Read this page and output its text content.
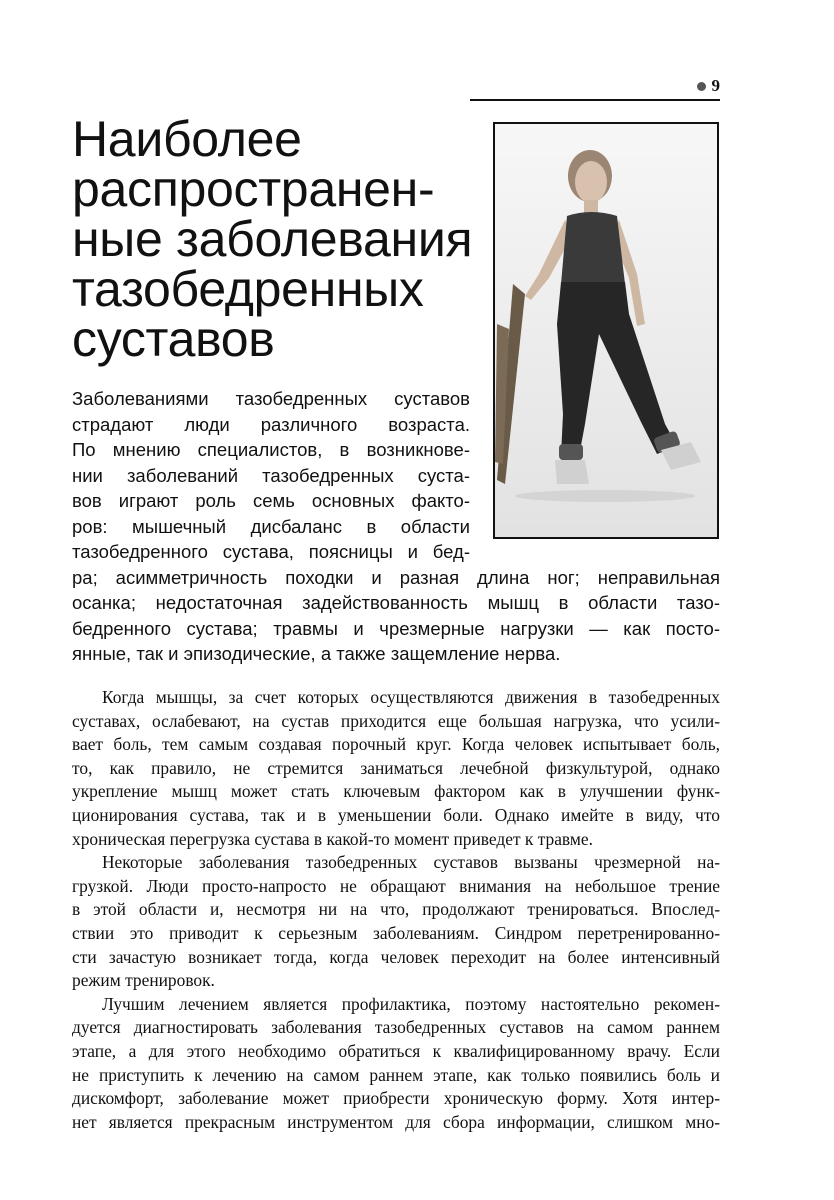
9
Наиболее
распространен-
ные заболевания
тазобедренных
суставов
Заболеваниями тазобедренных суставов
страдают люди различного возраста.
По мнению специалистов, в возникнове-
нии заболеваний тазобедренных суста-
вов играют роль семь основных факто-
ров: мышечный дисбаланс в области
тазобедренного сустава, поясницы и бед-
ра; асимметричность походки и разная длина ног; неправильная
осанка; недостаточная задействованность мышц в области тазо-
бедренного сустава; травмы и чрезмерные нагрузки — как посто-
янные, так и эпизодические, а также защемление нерва.

Когда мышцы, за счет которых осуществляются движения в тазобедренных
суставах, ослабевают, на сустав приходится еще большая нагрузка, что усили-
вает боль, тем самым создавая порочный круг. Когда человек испытывает боль,
то, как правило, не стремится заниматься лечебной физкультурой, однако
укрепление мышц может стать ключевым фактором как в улучшении функ-
ционирования сустава, так и в уменьшении боли. Однако имейте в виду, что
хроническая перегрузка сустава в какой-то момент приведет к травме.

Некоторые заболевания тазобедренных суставов вызваны чрезмерной на-
грузкой. Люди просто-напросто не обращают внимания на небольшое трение
в этой области и, несмотря ни на что, продолжают тренироваться. Впослед-
ствии это приводит к серьезным заболеваниям. Синдром перетренированно-
сти зачастую возникает тогда, когда человек переходит на более интенсивный
режим тренировок.

Лучшим лечением является профилактика, поэтому настоятельно рекомен-
дуется диагностировать заболевания тазобедренных суставов на самом раннем
этапе, а для этого необходимо обратиться к квалифицированному врачу. Если
не приступить к лечению на самом раннем этапе, как только появились боль и
дискомфорт, заболевание может приобрести хроническую форму. Хотя интер-
нет является прекрасным инструментом для сбора информации, слишком мно-
